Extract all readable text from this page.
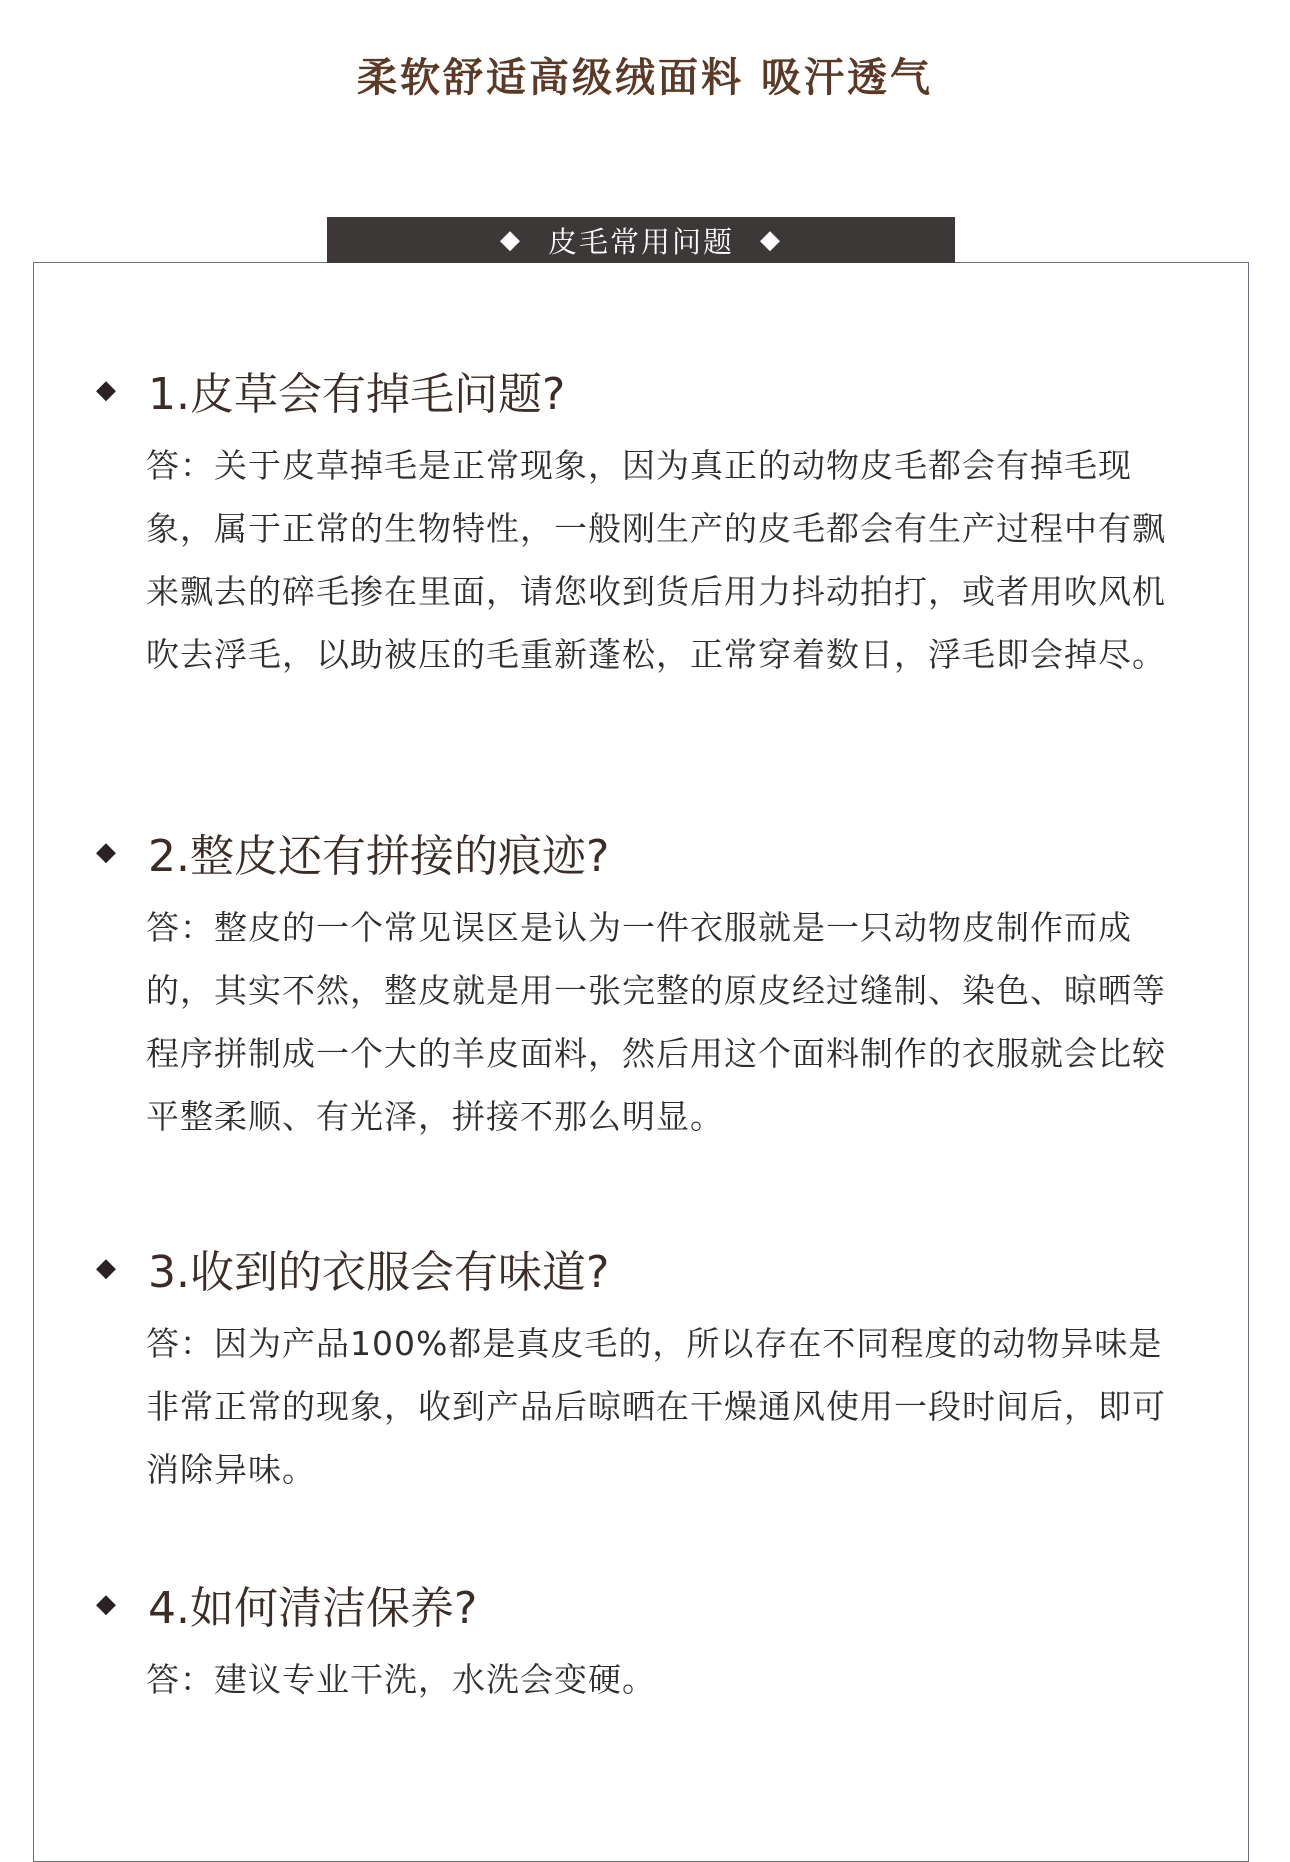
柔软舒适高级绒面料 吸汗透气
◆ 皮毛常用问题 ◆
◆ 1.皮草会有掉毛问题?
答：关于皮草掉毛是正常现象，因为真正的动物皮毛都会有掉毛现象，属于正常的生物特性，一般刚生产的皮毛都会有生产过程中有飘来飘去的碎毛掺在里面，请您收到货后用力抖动拍打，或者用吹风机吹去浮毛，以助被压的毛重新蓬松，正常穿着数日，浮毛即会掉尽。
◆ 2.整皮还有拼接的痕迹?
答：整皮的一个常见误区是认为一件衣服就是一只动物皮制作而成的，其实不然，整皮就是用一张完整的原皮经过缝制、染色、晾晒等程序拼制成一个大的羊皮面料，然后用这个面料制作的衣服就会比较平整柔顺、有光泽，拼接不那么明显。
◆ 3.收到的衣服会有味道?
答：因为产品100%都是真皮毛的，所以存在不同程度的动物异味是非常正常的现象，收到产品后晾晒在干燥通风使用一段时间后，即可消除异味。
◆ 4.如何清洁保养?
答：建议专业干洗，水洗会变硬。
